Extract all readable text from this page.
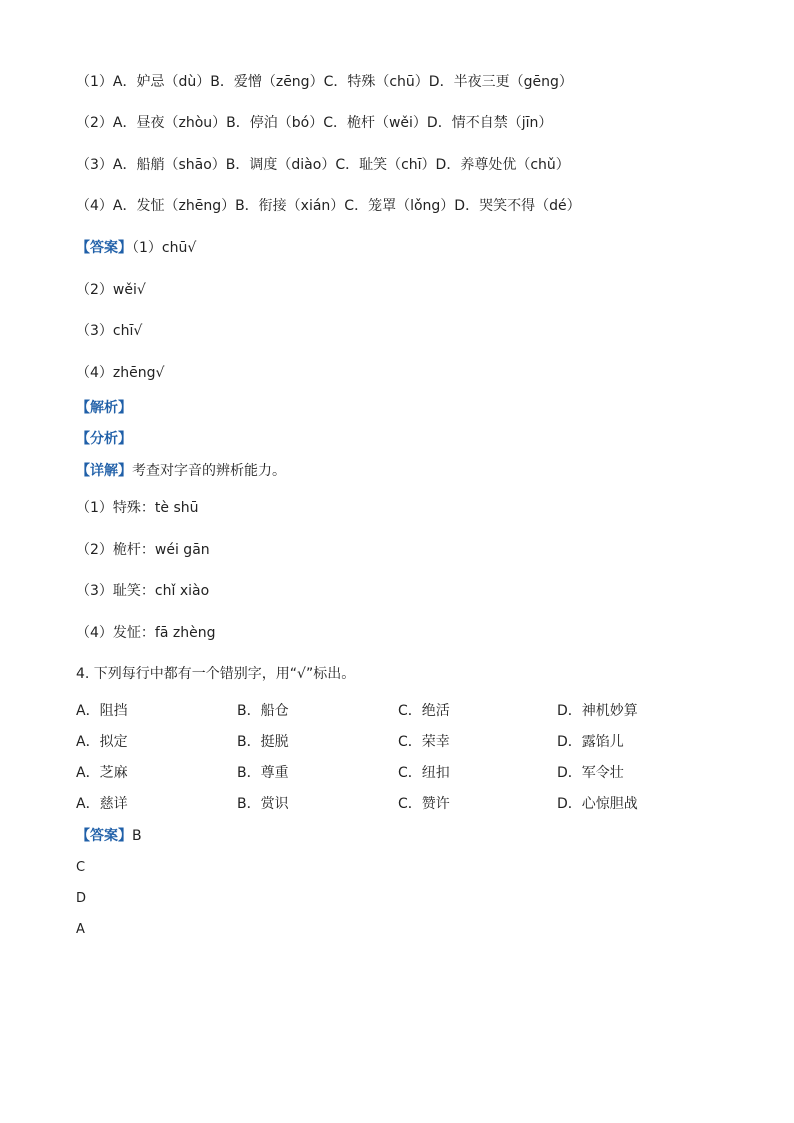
（1）A．妒忌（dù）B．爱憎（zēng）C．特殊（chū）D．半夜三更（gēng）
（2）A．昼夜（zhòu）B．停泊（bó）C．桅杆（wěi）D．情不自禁（jīn）
（3）A．船艄（shāo）B．调度（diào）C．耻笑（chī）D．养尊处优（chǔ）
（4）A．发怔（zhēng）B．衔接（xián）C．笼罩（lǒng）D．哭笑不得（dé）
【答案】（1）chū√
（2）wěi√
（3）chī√
（4）zhēng√
【解析】
【分析】
【详解】考查对字音的辨析能力。
（1）特殊：tè shū
（2）桅杆：wéi gān
（3）耻笑：chǐ xiào
（4）发怔：fā zhèng
4. 下列每行中都有一个错别字，用“√”标出。
A．阻挡	B．船仓	C．绝活	D．神机妙算
A．拟定	B．挺脱	C．荣幸	D．露馅儿
A．芝麻	B．尊重	C．纽扣	D．军令壮
A．慈详	B．赏识	C．赞许	D．心惊胆战
【答案】B
C
D
A
